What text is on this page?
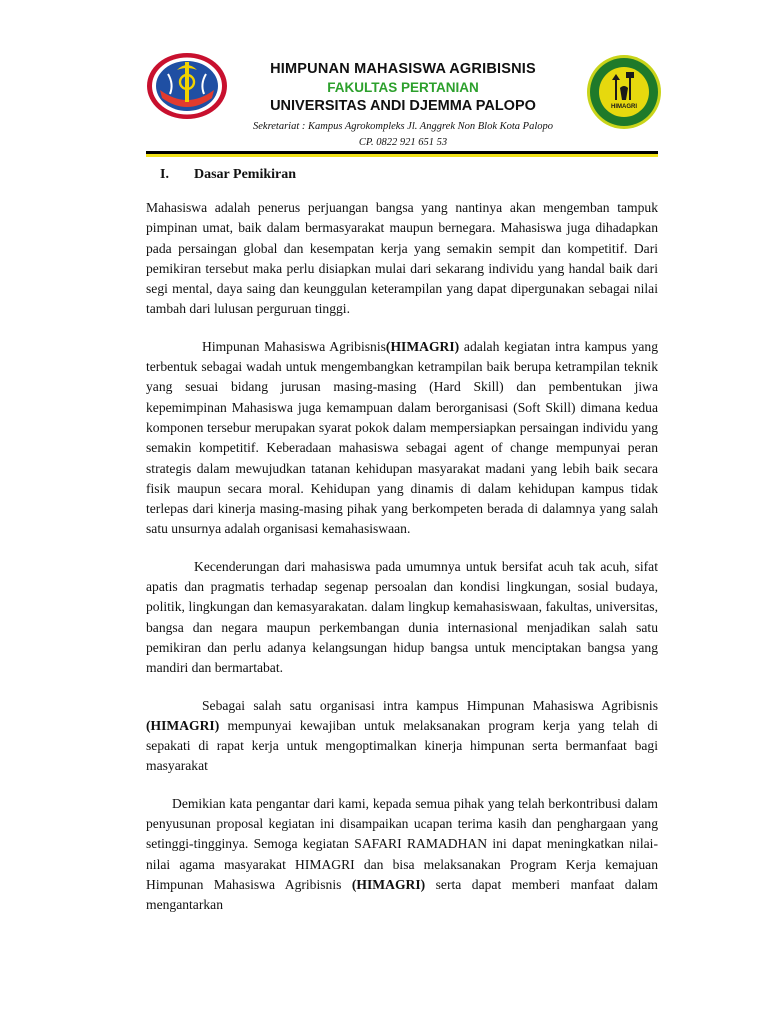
HIMPUNAN MAHASISWA AGRIBISNIS
FAKULTAS PERTANIAN
UNIVERSITAS ANDI DJEMMA PALOPO
Sekretariat : Kampus Agrokompleks Jl. Anggrek Non Blok Kota Palopo
CP. 0822 921 651 53
HIMAGRI
I. Dasar Pemikiran

Mahasiswa adalah penerus perjuangan bangsa yang nantinya akan mengemban tampuk pimpinan umat, baik dalam bermasyarakat maupun bernegara. Mahasiswa juga dihadapkan pada persaingan global dan kesempatan kerja yang semakin sempit dan kompetitif. Dari pemikiran tersebut maka perlu disiapkan mulai dari sekarang individu yang handal baik dari segi mental, daya saing dan keunggulan keterampilan yang dapat dipergunakan sebagai nilai tambah dari lulusan perguruan tinggi.

Himpunan Mahasiswa Agribisnis(HIMAGRI) adalah kegiatan intra kampus yang terbentuk sebagai wadah untuk mengembangkan ketrampilan baik berupa ketrampilan teknik yang sesuai bidang jurusan masing-masing (Hard Skill) dan pembentukan jiwa kepemimpinan Mahasiswa juga kemampuan dalam berorganisasi (Soft Skill) dimana kedua komponen tersebur merupakan syarat pokok dalam mempersiapkan persaingan individu yang semakin kompetitif. Keberadaan mahasiswa sebagai agent of change mempunyai peran strategis dalam mewujudkan tatanan kehidupan masyarakat madani yang lebih baik secara fisik maupun secara moral. Kehidupan yang dinamis di dalam kehidupan kampus tidak terlepas dari kinerja masing-masing pihak yang berkompeten berada di dalamnya yang salah satu unsurnya adalah organisasi kemahasiswaan.

Kecenderungan dari mahasiswa pada umumnya untuk bersifat acuh tak acuh, sifat apatis dan pragmatis terhadap segenap persoalan dan kondisi lingkungan, sosial budaya, politik, lingkungan dan kemasyarakatan. dalam lingkup kemahasiswaan, fakultas, universitas, bangsa dan negara maupun perkembangan dunia internasional menjadikan salah satu pemikiran dan perlu adanya kelangsungan hidup bangsa untuk menciptakan bangsa yang mandiri dan bermartabat.

Sebagai salah satu organisasi intra kampus Himpunan Mahasiswa Agribisnis (HIMAGRI) mempunyai kewajiban untuk melaksanakan program kerja yang telah di sepakati di rapat kerja untuk mengoptimalkan kinerja himpunan serta bermanfaat bagi masyarakat

Demikian kata pengantar dari kami, kepada semua pihak yang telah berkontribusi dalam penyusunan proposal kegiatan ini disampaikan ucapan terima kasih dan penghargaan yang setinggi-tingginya. Semoga kegiatan SAFARI RAMADHAN ini dapat meningkatkan nilai-nilai agama masyarakat HIMAGRI dan bisa melaksanakan Program Kerja kemajuan Himpunan Mahasiswa Agribisnis (HIMAGRI) serta dapat memberi manfaat dalam mengantarkan
